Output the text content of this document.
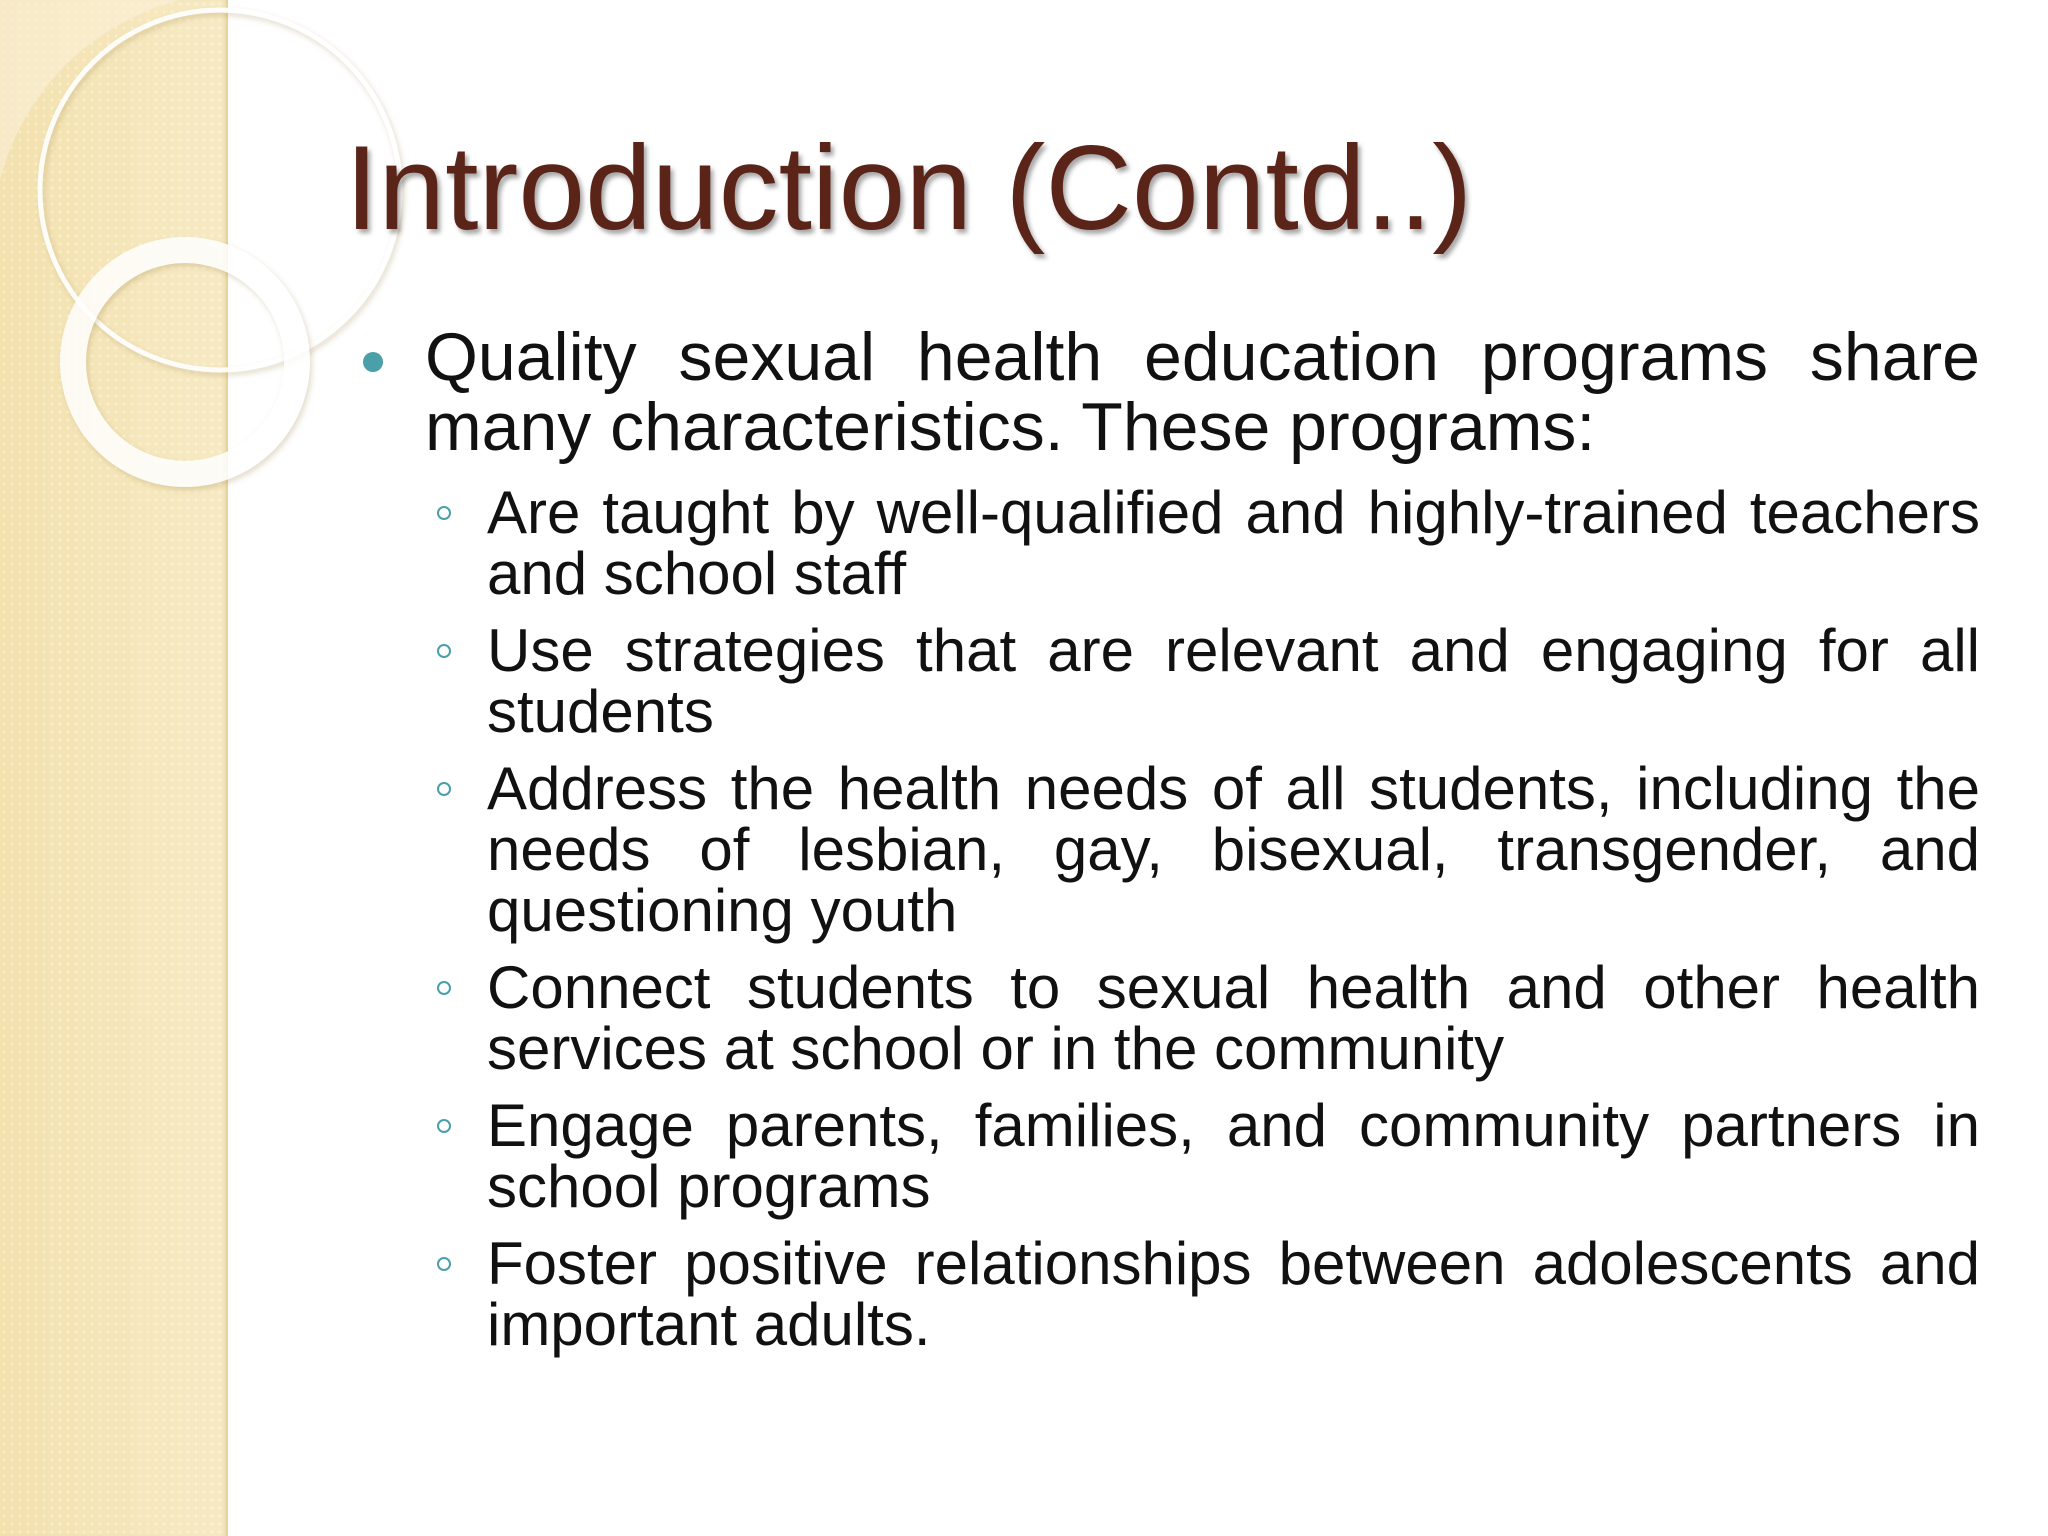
Introduction (Contd..)
Quality sexual health education programs share many characteristics. These programs:
Are taught by well-qualified and highly-trained teachers and school staff
Use strategies that are relevant and engaging for all students
Address the health needs of all students, including the needs of lesbian, gay, bisexual, transgender, and questioning youth
Connect students to sexual health and other health services at school or in the community
Engage parents, families, and community partners in school programs
Foster positive relationships between adolescents and important adults.
